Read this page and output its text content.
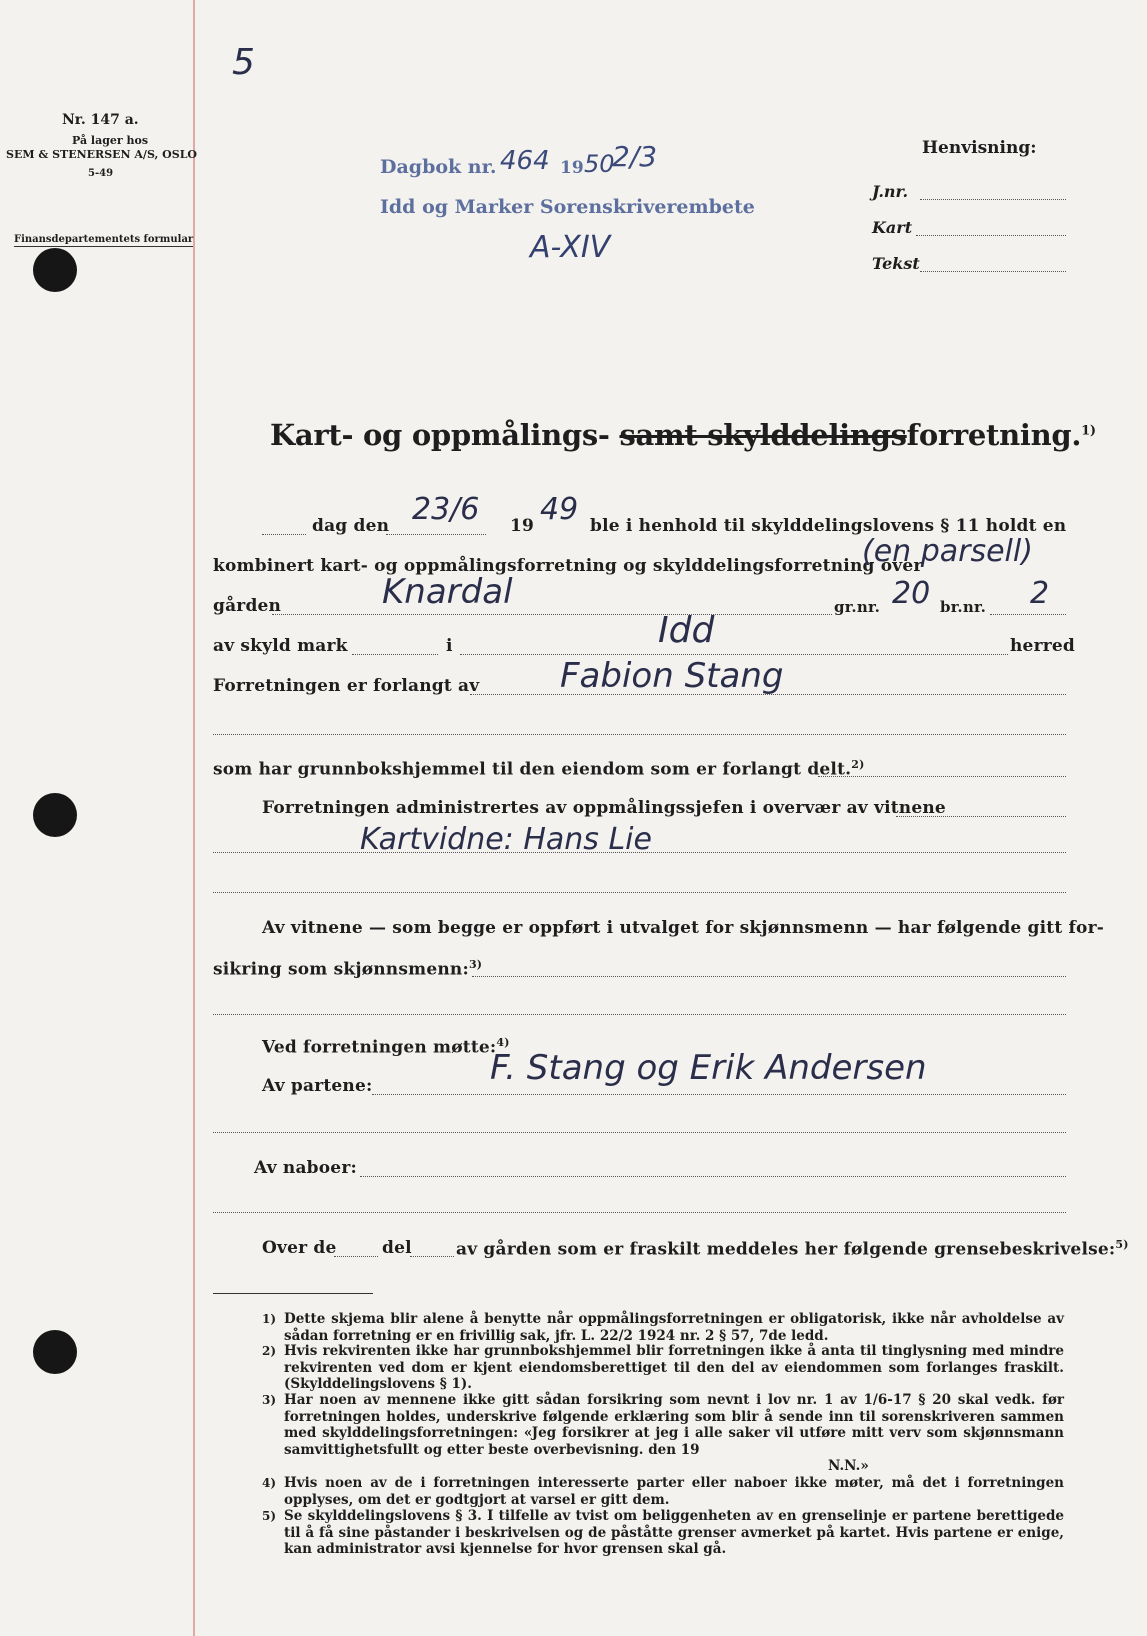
Nr. 147 a.
På lager hos
SEM & STENERSEN A/S, OSLO
5-49
Finansdepartementets formular
5
Dagbok nr. 464 19 50
2/3
Idd og Marker Sorenskriverembete
A-XIV
Henvisning:
J.nr.
Kart
Tekst
Kart- og oppmålings- samt skylddelingsforretning.$^{1)}$
dag den 23/6 19 49 ble i henhold til skylddelingslovens § 11 holdt en
kombinert kart- og oppmålingsforretning og skylddelingsforretning over
(en parsell)
gården	Knardal	gr.nr. 20 br.nr. 2
av skyld mark	i	Idd	herred
Forretningen er forlangt av Fabion Stang
som har grunnbokshjemmel til den eiendom som er forlangt delt.$^{2)}$
Forretningen administrertes av oppmålingssjefen i overvær av vitnene
Kartvidne: Hans Lie
Av vitnene — som begge er oppført i utvalget for skjønnsmenn — har følgende gitt for-
sikring som skjønnsmenn:$^{3)}$
Ved forretningen møtte:$^{4)}$
Av partene:	F. Stang og Erik Andersen
Av naboer:
Over de	del	av gården som er fraskilt meddeles her følgende grensebeskrivelse:$^{5)}$
1) Dette skjema blir alene å benytte når oppmålingsforretningen er obligatorisk, ikke når avholdelse av sådan forretning er en frivillig sak, jfr. L. 22/2 1924 nr. 2 § 57, 7de ledd.
2) Hvis rekvirenten ikke har grunnbokshjemmel blir forretningen ikke å anta til tinglysning med mindre rekvirenten ved dom er kjent eiendomsberettiget til den del av eiendommen som forlanges fraskilt. (Skylddelingslovens § 1).
3) Har noen av mennene ikke gitt sådan forsikring som nevnt i lov nr. 1 av 1/6-17 § 20 skal vedk. før forretningen holdes, underskrive følgende erklæring som blir å sende inn til sorenskriveren sammen med skylddelingsforretningen: «Jeg forsikrer at jeg i alle saker vil utføre mitt verv som skjønnsmann samvittighetsfullt og etter beste overbevisning. den 19
N.N.»
4) Hvis noen av de i forretningen interesserte parter eller naboer ikke møter, må det i forretningen opplyses, om det er godtgjort at varsel er gitt dem.
5) Se skylddelingslovens § 3. I tilfelle av tvist om beliggenheten av en grenselinje er partene berettigede til å få sine påstander i beskrivelsen og de påståtte grenser avmerket på kartet. Hvis partene er enige, kan administrator avsi kjennelse for hvor grensen skal gå.
